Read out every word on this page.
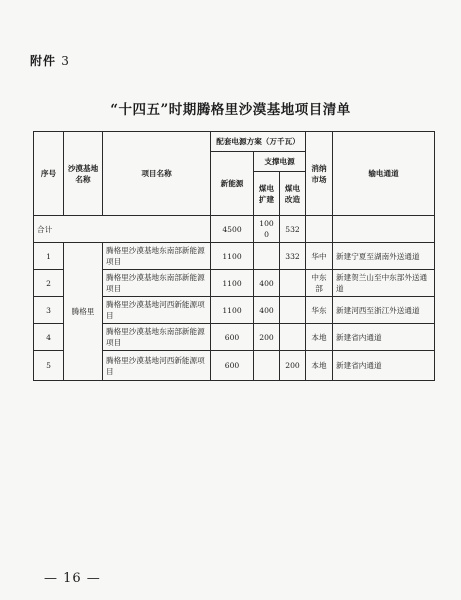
附件 3
“十四五”时期腾格里沙漠基地项目清单
序号	沙漠基地名称	项目名称	配套电源方案（万千瓦）			消纳市场	输电通道
			新能源	支撑电源			
				煤电扩建	煤电改造		
合计			4500	1000	532		
1	腾格里	腾格里沙漠基地东南部新能源项目	1100		332	华中	新建宁夏至湖南外送通道
2		腾格里沙漠基地东南部新能源项目	1100	400		中东部	新建贺兰山至中东部外送通道
3		腾格里沙漠基地河西新能源项目	1100	400		华东	新建河西至浙江外送通道
4		腾格里沙漠基地东南部新能源项目	600	200		本地	新建省内通道
5		腾格里沙漠基地河西新能源项目	600		200	本地	新建省内通道
— 16 —
